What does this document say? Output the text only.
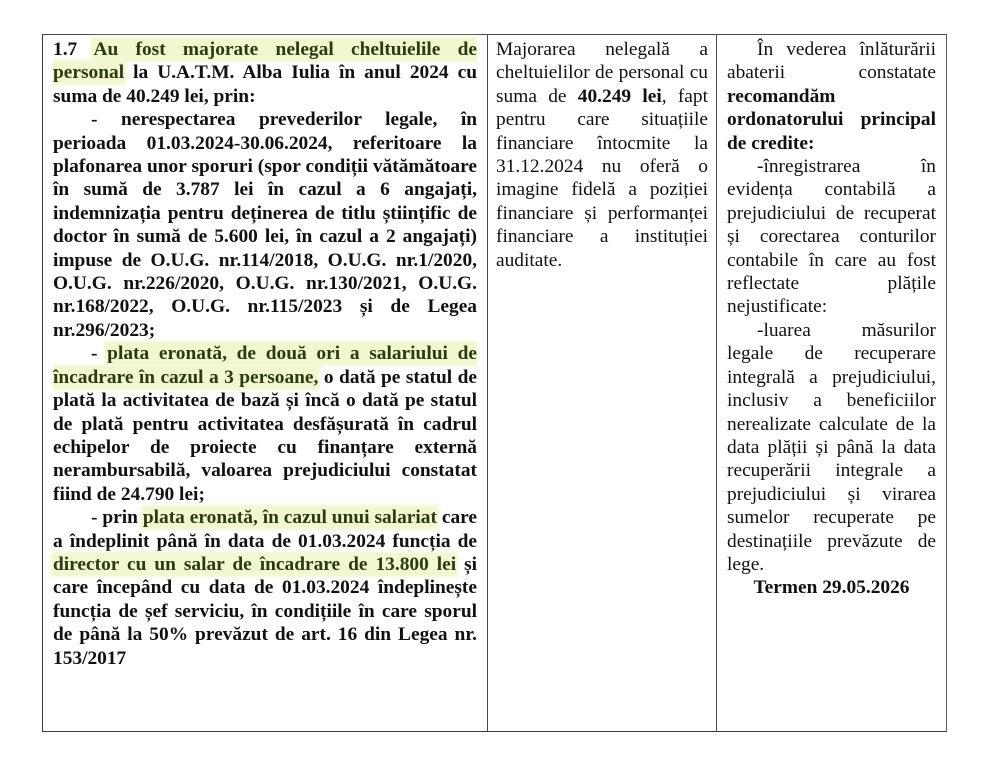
1.7 Au fost majorate nelegal cheltuielile de personal la U.A.T.M. Alba Iulia în anul 2024 cu suma de 40.249 lei, prin:

- nerespectarea prevederilor legale, în perioada 01.03.2024-30.06.2024, referitoare la plafonarea unor sporuri (spor condiții vătămătoare în sumă de 3.787 lei în cazul a 6 angajați, indemnizația pentru deținerea de titlu științific de doctor în sumă de 5.600 lei, în cazul a 2 angajați) impuse de O.U.G. nr.114/2018, O.U.G. nr.1/2020, O.U.G. nr.226/2020, O.U.G. nr.130/2021, O.U.G. nr.168/2022, O.U.G. nr.115/2023 și de Legea nr.296/2023;

- plata eronată, de două ori a salariului de încadrare în cazul a 3 persoane, o dată pe statul de plată la activitatea de bază și încă o dată pe statul de plată pentru activitatea desfășurată în cadrul echipelor de proiecte cu finanțare externă nerambursabilă, valoarea prejudiciului constatat fiind de 24.790 lei;

- prin plata eronată, în cazul unui salariat care a îndeplinit până în data de 01.03.2024 funcția de director cu un salar de încadrare de 13.800 lei și care începând cu data de 01.03.2024 îndeplinește funcția de șef serviciu, în condițiile în care sporul de până la 50% prevăzut de art. 16 din Legea nr. 153/2017

Majorarea nelegală a cheltuielilor de personal cu suma de 40.249 lei, fapt pentru care situațiile financiare întocmite la 31.12.2024 nu oferă o imagine fidelă a poziției financiare și performanței financiare a instituției auditate.

În vederea înlăturării abaterii constatate recomandăm ordonatorului principal de credite:

-înregistrarea în evidența contabilă a prejudiciului de recuperat și corectarea conturilor contabile în care au fost reflectate plățile nejustificate:

-luarea măsurilor legale de recuperare integrală a prejudiciului, inclusiv a beneficiilor nerealizate calculate de la data plății și până la data recuperării integrale a prejudiciului și virarea sumelor recuperate pe destinațiile prevăzute de lege.

Termen 29.05.2026
